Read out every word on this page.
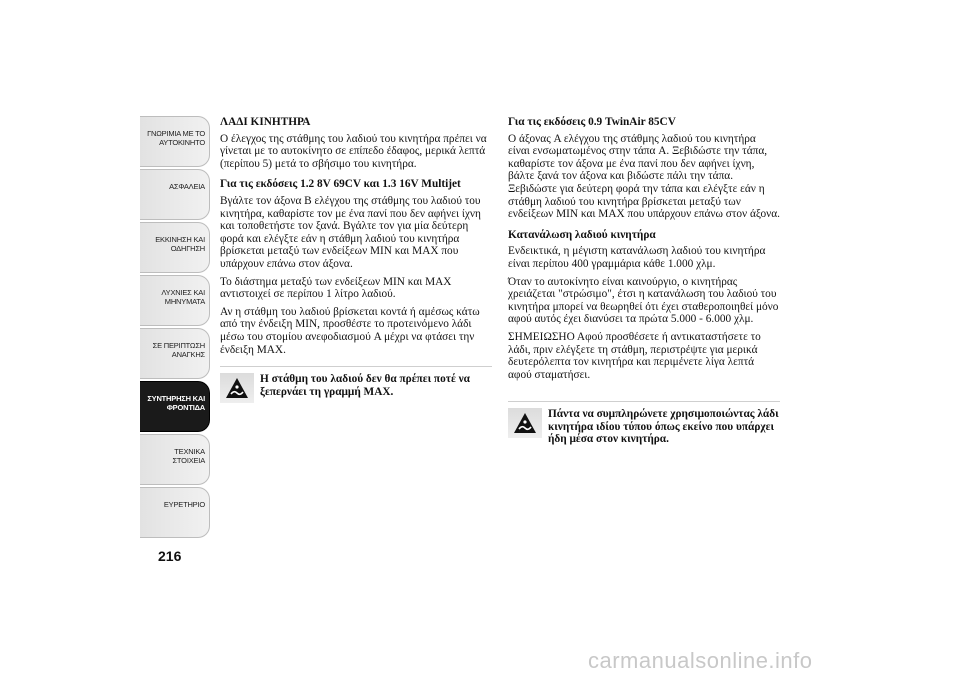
ΓΝΩΡΙΜΙΑ ΜΕ ΤΟ ΑΥΤΟΚΙΝΗΤΟ
ΑΣΦΑΛΕΙΑ
ΕΚΚΙΝΗΣΗ ΚΑΙ ΟΔΗΓΗΣΗ
ΛΥΧΝΙΕΣ ΚΑΙ ΜΗΝΥΜΑΤΑ
ΣΕ ΠΕΡΙΠΤΩΣΗ ΑΝΑΓΚΗΣ
ΣΥΝΤΗΡΗΣΗ ΚΑΙ ΦΡΟΝΤΙΔΑ
ΤΕΧΝΙΚΑ ΣΤΟΙΧΕΙΑ
ΕΥΡΕΤΗΡΙΟ
216
ΛΑΔΙ ΚΙΝΗΤΗΡΑ

Ο έλεγχος της στάθμης του λαδιού του κινητήρα πρέπει να γίνεται με το αυτοκίνητο σε επίπεδο έδαφος, μερικά λεπτά (περίπου 5) μετά το σβήσιμο του κινητήρα.

Για τις εκδόσεις 1.2 8V 69CV και 1.3 16V Multijet

Βγάλτε τον άξονα B ελέγχου της στάθμης του λαδιού του κινητήρα, καθαρίστε τον με ένα πανί που δεν αφήνει ίχνη και τοποθετήστε τον ξανά. Βγάλτε τον για μία δεύτερη φορά και ελέγξτε εάν η στάθμη λαδιού του κινητήρα βρίσκεται μεταξύ των ενδείξεων MIN και MAX που υπάρχουν επάνω στον άξονα.

Το διάστημα μεταξύ των ενδείξεων MIN και MAX αντιστοιχεί σε περίπου 1 λίτρο λαδιού.

Αν η στάθμη του λαδιού βρίσκεται κοντά ή αμέσως κάτω από την ένδειξη MIN, προσθέστε το προτεινόμενο λάδι μέσω του στομίου ανεφοδιασμού A μέχρι να φτάσει την ένδειξη MAX.

Η στάθμη του λαδιού δεν θα πρέπει ποτέ να ξεπερνάει τη γραμμή MAX.
Για τις εκδόσεις 0.9 TwinAir 85CV

Ο άξονας A ελέγχου της στάθμης λαδιού του κινητήρα είναι ενσωματωμένος στην τάπα A. Ξεβιδώστε την τάπα, καθαρίστε τον άξονα με ένα πανί που δεν αφήνει ίχνη, βάλτε ξανά τον άξονα και βιδώστε πάλι την τάπα. Ξεβιδώστε για δεύτερη φορά την τάπα και ελέγξτε εάν η στάθμη λαδιού του κινητήρα βρίσκεται μεταξύ των ενδείξεων MIN και MAX που υπάρχουν επάνω στον άξονα.

Κατανάλωση λαδιού κινητήρα

Ενδεικτικά, η μέγιστη κατανάλωση λαδιού του κινητήρα είναι περίπου 400 γραμμάρια κάθε 1.000 χλμ.

Όταν το αυτοκίνητο είναι καινούργιο, ο κινητήρας χρειάζεται "στρώσιμο", έτσι η κατανάλωση του λαδιού του κινητήρα μπορεί να θεωρηθεί ότι έχει σταθεροποιηθεί μόνο αφού αυτός έχει διανύσει τα πρώτα 5.000 - 6.000 χλμ.

ΣΗΜΕΙΩΣΗΟ Αφού προσθέσετε ή αντικαταστήσετε το λάδι, πριν ελέγξετε τη στάθμη, περιστρέψτε για μερικά δευτερόλεπτα τον κινητήρα και περιμένετε λίγα λεπτά αφού σταματήσει.

Πάντα να συμπληρώνετε χρησιμοποιώντας λάδι κινητήρα ιδίου τύπου όπως εκείνο που υπάρχει ήδη μέσα στον κινητήρα.
carmanualsonline.info
